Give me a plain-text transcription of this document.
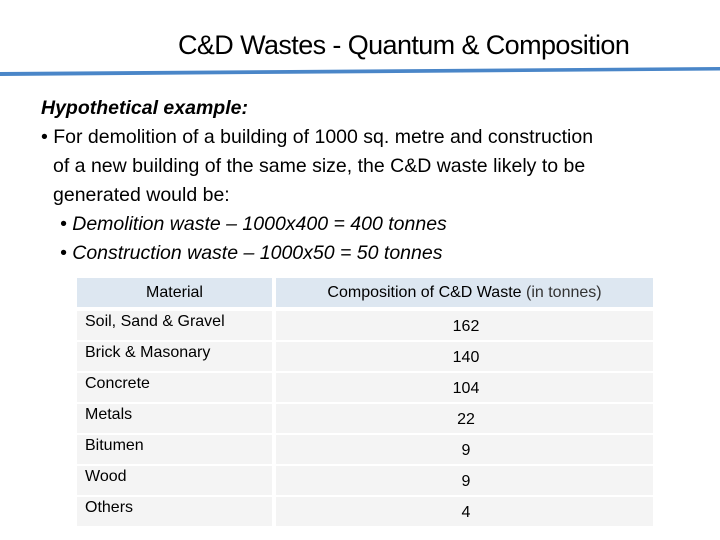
C&D Wastes - Quantum & Composition

Hypothetical example:

• For demolition of a building of 1000 sq. metre and construction

of a new building of the same size, the C&D waste likely to be

generated would be:

• Demolition waste – 1000x400 = 400 tonnes

• Construction waste – 1000x50 = 50 tonnes

Material	Composition of C&D Waste (in tonnes)
Soil, Sand & Gravel	162
Brick & Masonary	140
Concrete	104
Metals	22
Bitumen	9
Wood	9
Others	4
